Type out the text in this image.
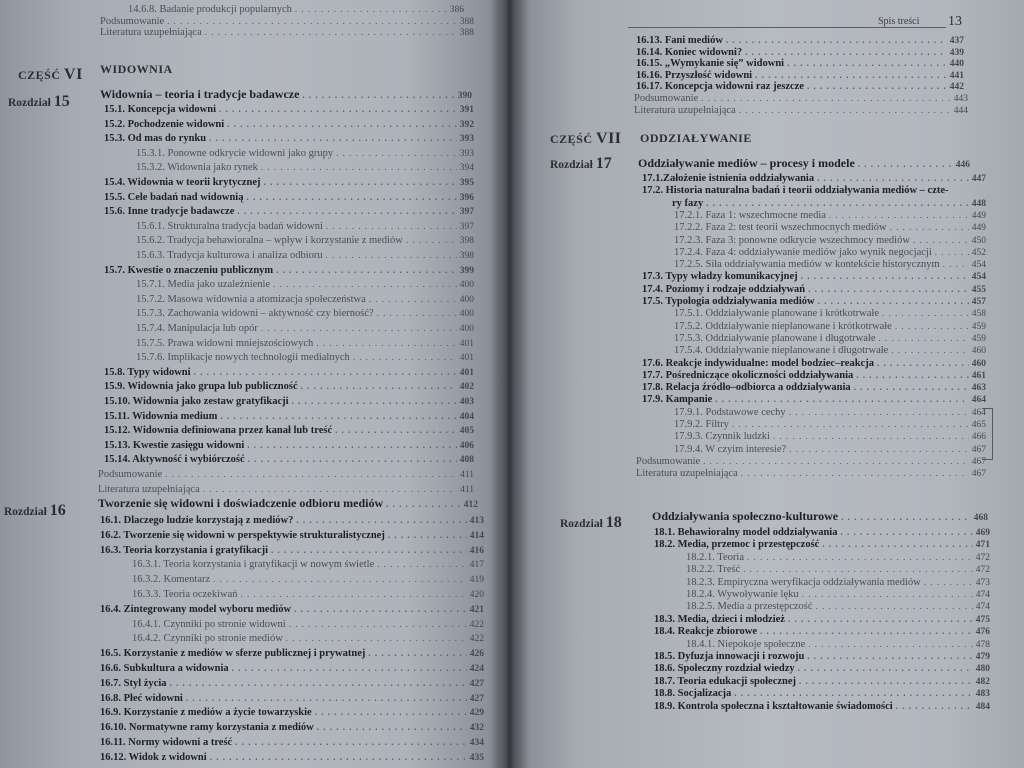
14.6.8. Badanie produkcji popularnych . . .	386
Podsumowanie . . .	388
Literatura uzupełniająca . . .	388
CZĘŚĆ VI WIDOWNIA
Rozdział 15	Widownia – teoria i tradycje badawcze . . .	390
15.1. Koncepcja widowni . . .	391
15.2. Pochodzenie widowni . . .	392
15.3. Od mas do rynku . . .	393
15.3.1. Ponowne odkrycie widowni jako grupy . . .	393
15.3.2. Widownia jako rynek . . .	394
15.4. Widownia w teorii krytycznej . . .	395
15.5. Cele badań nad widownią . . .	396
15.6. Inne tradycje badawcze . . .	397
15.6.1. Strukturalna tradycja badań widowni . . .	397
15.6.2. Tradycja behawioralna – wpływ i korzystanie z mediów . . .	398
15.6.3. Tradycja kulturowa i analiza odbioru . . .	398
15.7. Kwestie o znaczeniu publicznym . . .	399
15.7.1. Media jako uzależnienie . . .	400
15.7.2. Masowa widownia a atomizacja społeczeństwa . . .	400
15.7.3. Zachowania widowni – aktywność czy bierność? . . .	400
15.7.4. Manipulacja lub opór . . .	400
15.7.5. Prawa widowni mniejszościowych . . .	401
15.7.6. Implikacje nowych technologii medialnych . . .	401
15.8. Typy widowni . . .	401
15.9. Widownia jako grupa lub publiczność . . .	402
15.10. Widownia jako zestaw gratyfikacji . . .	403
15.11. Widownia medium . . .	404
15.12. Widownia definiowana przez kanał lub treść . . .	405
15.13. Kwestie zasięgu widowni . . .	406
15.14. Aktywność i wybiórczość . . .	408
Podsumowanie . . .	411
Literatura uzupełniająca . . .	411
Rozdział 16	Tworzenie się widowni i doświadczenie odbioru mediów . . .	412
16.1. Dlaczego ludzie korzystają z mediów? . . .	413
16.2. Tworzenie się widowni w perspektywie strukturalistycznej . . .	414
16.3. Teoria korzystania i gratyfikacji . . .	416
16.3.1. Teoria korzystania i gratyfikacji w nowym świetle . . .	417
16.3.2. Komentarz . . .	419
16.3.3. Teoria oczekiwań . . .	420
16.4. Zintegrowany model wyboru mediów . . .	421
16.4.1. Czynniki po stronie widowni . . .	422
16.4.2. Czynniki po stronie mediów . . .	422
16.5. Korzystanie z mediów w sferze publicznej i prywatnej . . .	426
16.6. Subkultura a widownia . . .	424
16.7. Styl życia . . .	427
16.8. Płeć widowni . . .	427
16.9. Korzystanie z mediów a życie towarzyskie . . .	429
16.10. Normatywne ramy korzystania z mediów . . .	432
16.11. Normy widowni a treść . . .	434
16.12. Widok z widowni . . .	435
16.13. Fani mediów . . .	437
16.14. Koniec widowni? . . .	439
16.15. „Wymykanie się” widowni . . .	440
16.16. Przyszłość widowni . . .	441
16.17. Koncepcja widowni raz jeszcze . . .	442
Podsumowanie . . .	443
Literatura uzupełniająca . . .	444
CZĘŚĆ VII ODDZIAŁYWANIE
Rozdział 17 Oddziaływanie mediów – procesy i modele . . .	446
17.1.Założenie istnienia oddziaływania . . .	447
17.2. Historia naturalna badań i teorii oddziaływania mediów – czte-
ry fazy . . .	448
17.2.1. Faza 1: wszechmocne media . . .	449
17.2.2. Faza 2: test teorii wszechmocnych mediów . . .	449
17.2.3. Faza 3: ponowne odkrycie wszechmocy mediów . . .	450
17.2.4. Faza 4: oddziaływanie mediów jako wynik negocjacji . . .	452
17.2.5. Siła oddziaływania mediów w kontekście historycznym . . .	454
17.3. Typy władzy komunikacyjnej . . .	454
17.4. Poziomy i rodzaje oddziaływań . . .	455
17.5. Typologia oddziaływania mediów . . .	457
17.5.1. Oddziaływanie planowane i krótkotrwałe . . .	458
17.5.2. Oddziaływanie nieplanowane i krótkotrwałe . . .	459
17.5.3. Oddziaływanie planowane i długotrwałe . . .	459
17.5.4. Oddziaływanie nieplanowane i długotrwałe . . .	460
17.6. Reakcje indywidualne: model bodziec–reakcja . . .	460
17.7. Pośredniczące okoliczności oddziaływania . . .	461
17.8. Relacja źródło–odbiorca a oddziaływania . . .	463
17.9. Kampanie . . .	464
17.9.1. Podstawowe cechy . . .	464
17.9.2. Filtry . . .	465
17.9.3. Czynnik ludzki . . .	466
17.9.4. W czyim interesie? . . .	467
Podsumowanie . . .	467
Literatura uzupełniająca . . .	467
Rozdział 18	Oddziaływania społeczno-kulturowe . . .	468
18.1. Behawioralny model oddziaływania . . .	469
18.2. Media, przemoc i przestępczość . . .	471
18.2.1. Teoria . . .	472
18.2.2. Treść . . .	472
18.2.3. Empiryczna weryfikacja oddziaływania mediów . . .	473
18.2.4. Wywoływanie lęku . . .	474
18.2.5. Media a przestępczość . . .	474
18.3. Media, dzieci i młodzież . . .	475
18.4. Reakcje zbiorowe . . .	476
18.4.1. Niepokoje społeczne . . .	478
18.5. Dyfuzja innowacji i rozwoju . . .	479
18.6. Społeczny rozdział wiedzy . . .	480
18.7. Teoria edukacji społecznej . . .	482
18.8. Socjalizacja . . .	483
18.9. Kontrola społeczna i kształtowanie świadomości . . .	484
Spis treści 13
